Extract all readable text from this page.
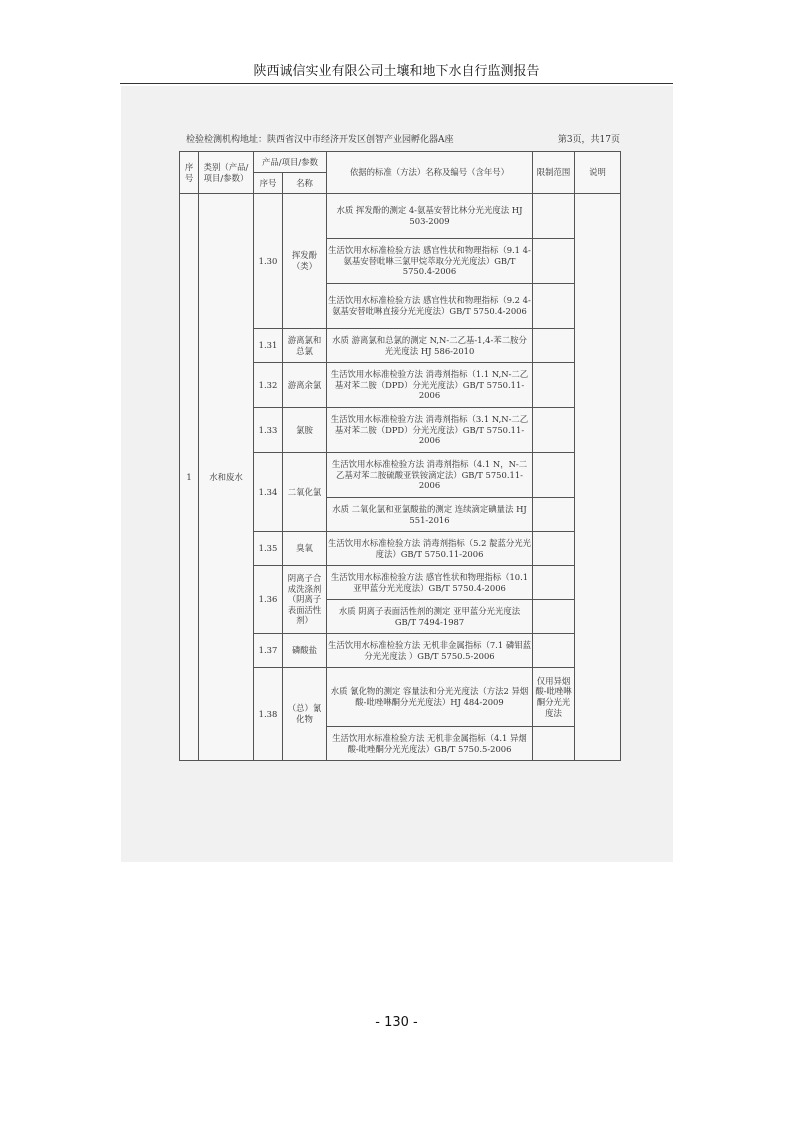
陕西诚信实业有限公司土壤和地下水自行监测报告
检验检测机构地址：陕西省汉中市经济开发区创智产业园孵化器A座	第3页，共17页
序号	类别（产品/项目/参数）	产品/项目/参数		依据的标准（方法）名称及编号（含年号）	限制范围	说明
		序号	名称			
1	水和废水	1.30	挥发酚（类）	水质 挥发酚的测定 4-氨基安替比林分光光度法 HJ 503-2009		
				生活饮用水标准检验方法 感官性状和物理指标（9.1 4-氨基安替吡啉三氯甲烷萃取分光光度法）GB/T 5750.4-2006		
				生活饮用水标准检验方法 感官性状和物理指标（9.2 4-氨基安替吡啉直接分光光度法）GB/T 5750.4-2006		
		1.31	游离氯和总氯	水质 游离氯和总氯的测定 N,N-二乙基-1,4-苯二胺分光光度法 HJ 586-2010		
		1.32	游离余氯	生活饮用水标准检验方法 消毒剂指标（1.1 N,N-二乙基对苯二胺（DPD）分光光度法）GB/T 5750.11-2006		
		1.33	氯胺	生活饮用水标准检验方法 消毒剂指标（3.1 N,N-二乙基对苯二胺（DPD）分光光度法）GB/T 5750.11-2006		
		1.34	二氧化氯	生活饮用水标准检验方法 消毒剂指标（4.1 N，N-二乙基对苯二胺硫酸亚铁铵滴定法）GB/T 5750.11-2006		
				水质 二氧化氯和亚氯酸盐的测定 连续滴定碘量法 HJ 551-2016		
		1.35	臭氧	生活饮用水标准检验方法 消毒剂指标（5.2 靛蓝分光光度法）GB/T 5750.11-2006		
		1.36	阴离子合成洗涤剂（阴离子表面活性剂）	生活饮用水标准检验方法 感官性状和物理指标（10.1 亚甲蓝分光光度法）GB/T 5750.4-2006		
				水质 阴离子表面活性剂的测定 亚甲蓝分光光度法 GB/T 7494-1987		
		1.37	磷酸盐	生活饮用水标准检验方法 无机非金属指标（7.1 磷钼蓝分光光度法 ）GB/T 5750.5-2006		
		1.38	（总）氰化物	水质 氰化物的测定 容量法和分光光度法（方法2 异烟酸-吡唑啉酮分光光度法）HJ 484-2009	仅用异烟酸-吡唑啉酮分光光度法	
				生活饮用水标准检验方法 无机非金属指标（4.1 异烟酸-吡唑酮分光光度法）GB/T 5750.5-2006		
- 130 -
